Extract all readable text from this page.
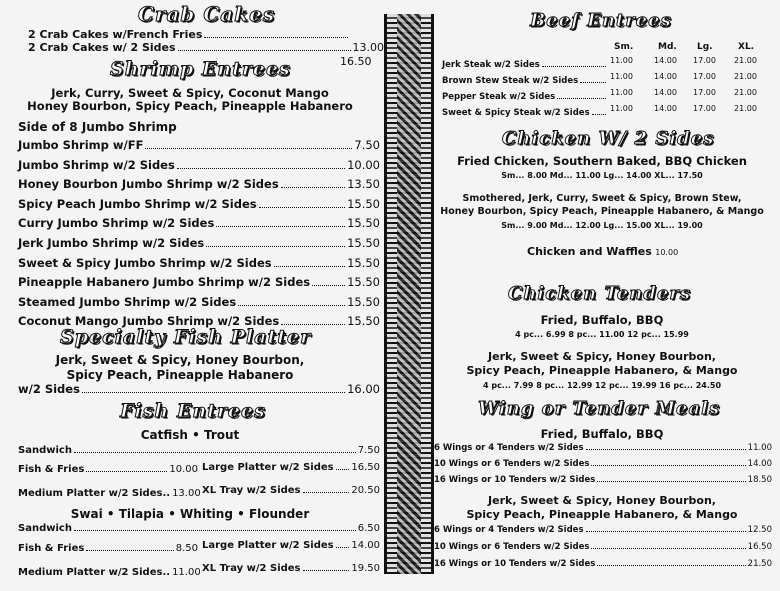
Crab Cakes
2 Crab Cakes w/French Fries
2 Crab Cakes w/ 2 Sides	13.00
16.50
Shrimp Entrees
Jerk, Curry, Sweet & Spicy, Coconut Mango
Honey Bourbon, Spicy Peach, Pineapple Habanero
Side of 8 Jumbo Shrimp
Jumbo Shrimp w/FF	7.50
Jumbo Shrimp w/2 Sides	10.00
Honey Bourbon Jumbo Shrimp w/2 Sides	13.50
Spicy Peach Jumbo Shrimp w/2 Sides	15.50
Curry Jumbo Shrimp w/2 Sides	15.50
Jerk Jumbo Shrimp w/2 Sides	15.50
Sweet & Spicy Jumbo Shrimp w/2 Sides	15.50
Pineapple Habanero Jumbo Shrimp w/2 Sides	15.50
Steamed Jumbo Shrimp w/2 Sides	15.50
Coconut Mango Jumbo Shrimp w/2 Sides	15.50
Specialty Fish Platter
Jerk, Sweet & Spicy, Honey Bourbon,
Spicy Peach, Pineapple Habanero
w/2 Sides	16.00
Fish Entrees
Catfish • Trout
Sandwich	7.50
Fish & Fries	10.00 Large Platter w/2 Sides 16.50
Medium Platter w/2 Sides.. 13.00 XL Tray w/2 Sides	20.50
Swai • Tilapia • Whiting • Flounder
Sandwich	6.50
Fish & Fries	8.50 Large Platter w/2 Sides 14.00
Medium Platter w/2 Sides.. 11.00 XL Tray w/2 Sides	19.50
Beef Entrees
Sm.	Md. Lg.	XL.
Jerk Steak w/2 Sides	11.00	14.00 17.00 21.00
Brown Stew Steak w/2 Sides	11.00	14.00 17.00 21.00
Pepper Steak w/2 Sides	11.00	14.00 17.00 21.00
Sweet & Spicy Steak w/2 Sides	11.00	14.00 17.00 21.00
Chicken W/ 2 Sides
Fried Chicken, Southern Baked, BBQ Chicken
Sm... 8.00 Md... 11.00 Lg... 14.00 XL... 17.50
Smothered, Jerk, Curry, Sweet & Spicy, Brown Stew,
Honey Bourbon, Spicy Peach, Pineapple Habanero, & Mango
Sm... 9.00 Md... 12.00 Lg... 15.00 XL... 19.00
Chicken and Waffles 10.00
Chicken Tenders
Fried, Buffalo, BBQ
4 pc... 6.99 8 pc... 11.00 12 pc... 15.99
Jerk, Sweet & Spicy, Honey Bourbon,
Spicy Peach, Pineapple Habanero, & Mango
4 pc... 7.99 8 pc... 12.99 12 pc... 19.99 16 pc... 24.50
Wing or Tender Meals
Fried, Buffalo, BBQ
6 Wings or 4 Tenders w/2 Sides	11.00
10 Wings or 6 Tenders w/2 Sides	14.00
16 Wings or 10 Tenders w/2 Sides	18.50
Jerk, Sweet & Spicy, Honey Bourbon,
Spicy Peach, Pineapple Habanero, & Mango
6 Wings or 4 Tenders w/2 Sides	12.50
10 Wings or 6 Tenders w/2 Sides	16.50
16 Wings or 10 Tenders w/2 Sides	21.50
